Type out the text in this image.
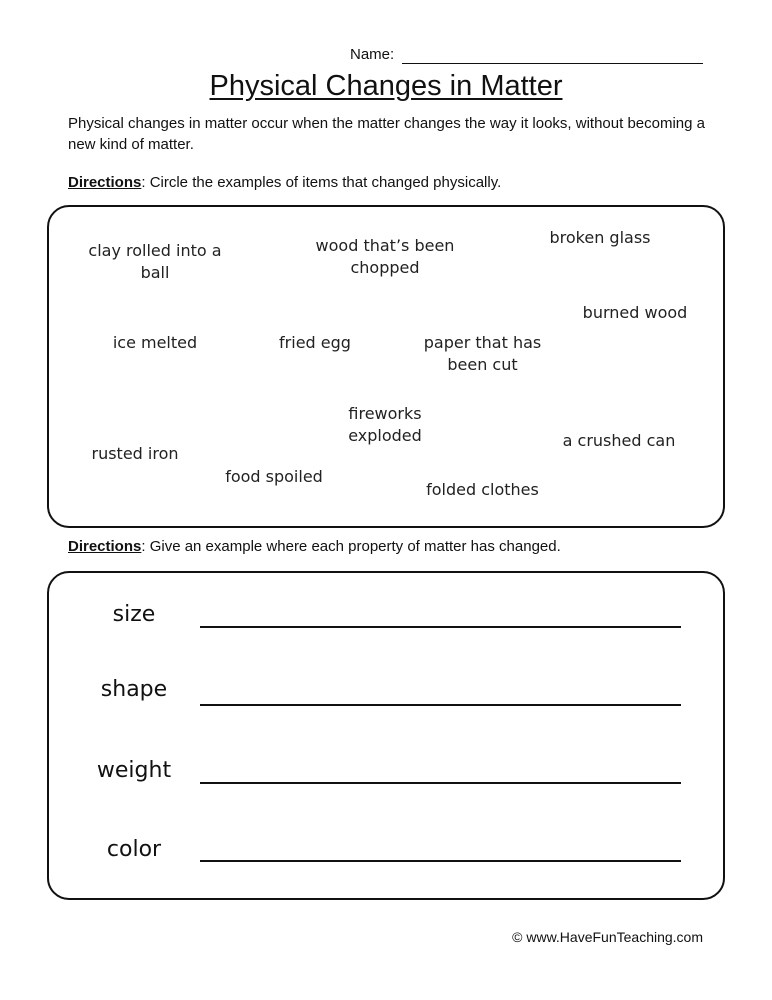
Name:
Physical Changes in Matter
Physical changes in matter occur when the matter changes the way it looks, without becoming a new kind of matter.
Directions: Circle the examples of items that changed physically.
clay rolled into a ball
wood that’s been chopped
broken glass
burned wood
ice melted	fried egg	paper that has been cut
fireworks exploded	a crushed can
rusted iron
food spoiled
folded clothes
Directions: Give an example where each property of matter has changed.
size
shape
weight
color
© www.HaveFunTeaching.com
